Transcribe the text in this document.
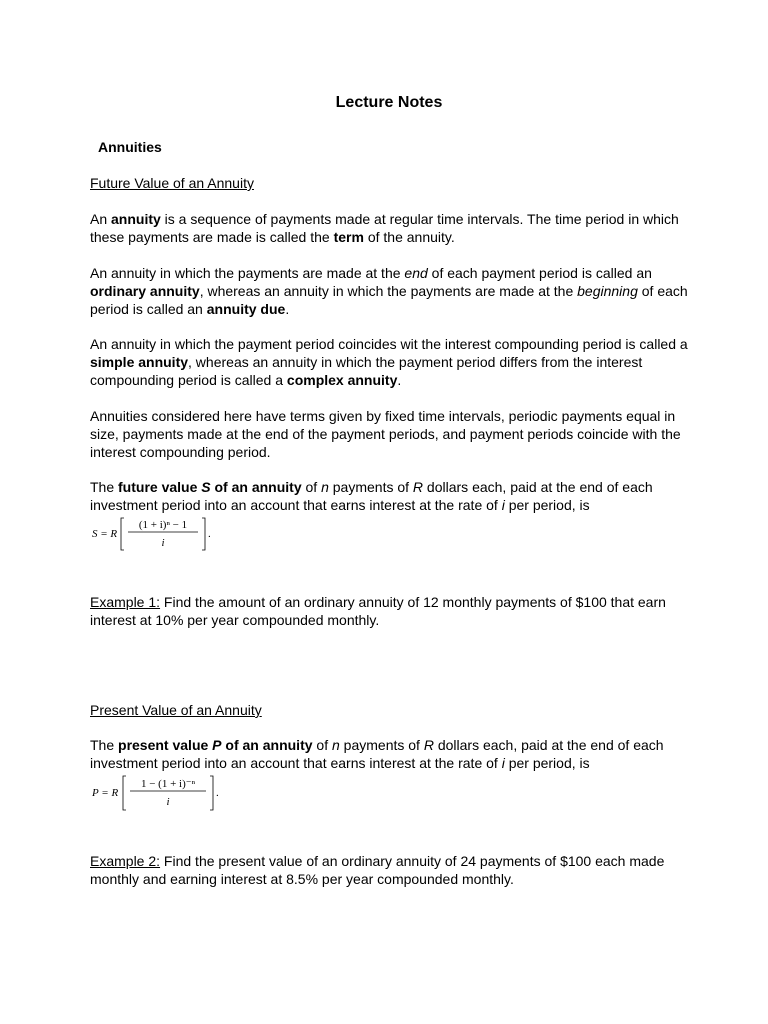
Lecture Notes
Annuities

Future Value of an Annuity

An annuity is a sequence of payments made at regular time intervals. The time period in which these payments are made is called the term of the annuity.

An annuity in which the payments are made at the end of each payment period is called an ordinary annuity, whereas an annuity in which the payments are made at the beginning of each period is called an annuity due.

An annuity in which the payment period coincides wit the interest compounding period is called a simple annuity, whereas an annuity in which the payment period differs from the interest compounding period is called a complex annuity.

Annuities considered here have terms given by fixed time intervals, periodic payments equal in size, payments made at the end of the payment periods, and payment periods coincide with the interest compounding period.

The future value S of an annuity of n payments of R dollars each, paid at the end of each investment period into an account that earns interest at the rate of i per period, is

S = R
(1 + i)ⁿ − 1
i
.

Example 1: Find the amount of an ordinary annuity of 12 monthly payments of $100 that earn interest at 10% per year compounded monthly.

Present Value of an Annuity

The present value P of an annuity of n payments of R dollars each, paid at the end of each investment period into an account that earns interest at the rate of i per period, is

P = R
1 − (1 + i)⁻ⁿ
i
.

Example 2: Find the present value of an ordinary annuity of 24 payments of $100 each made monthly and earning interest at 8.5% per year compounded monthly.
